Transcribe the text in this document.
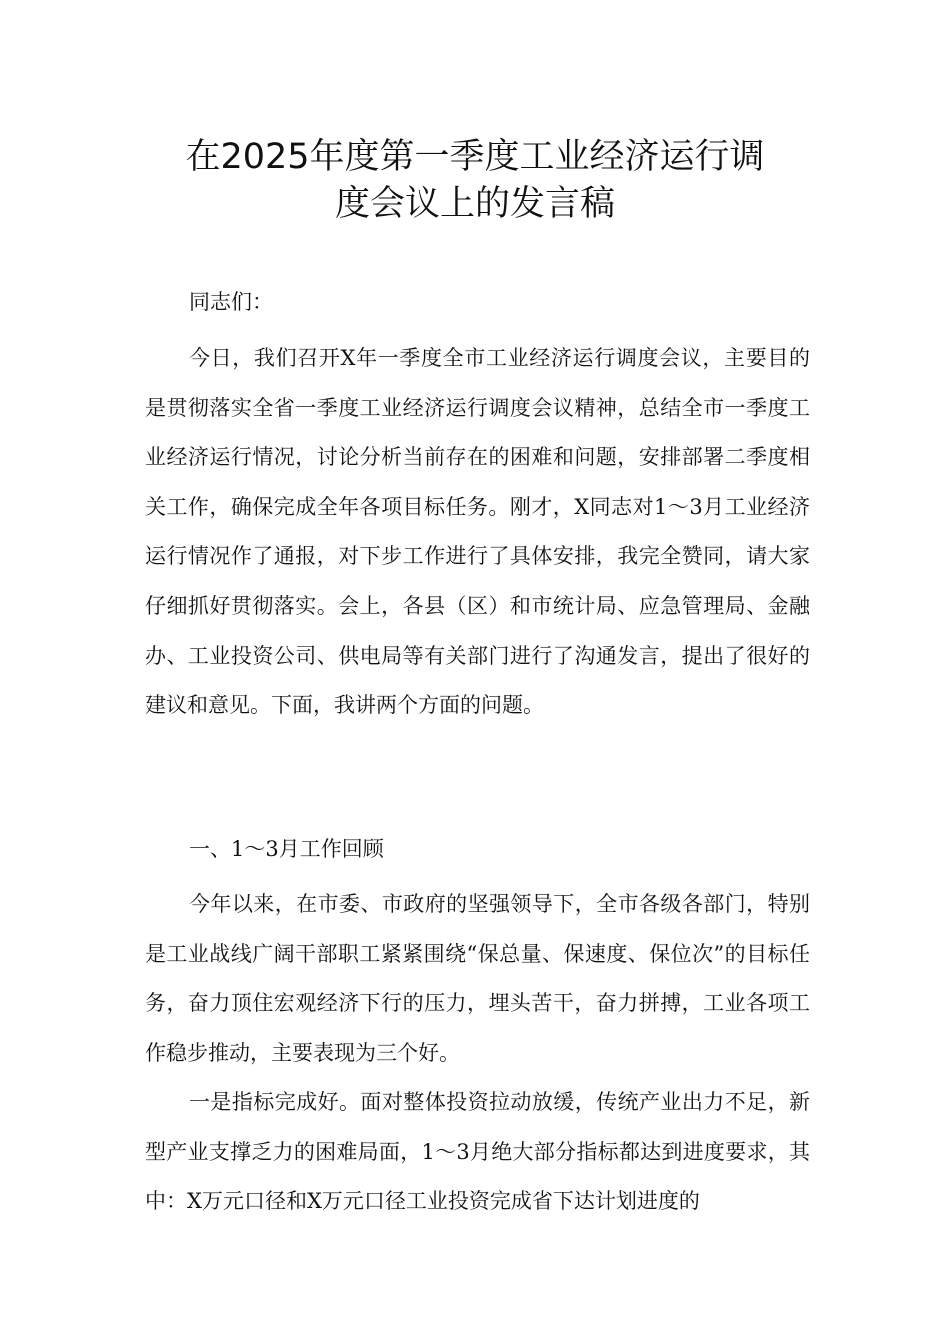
在2025年度第一季度工业经济运行调
度会议上的发言稿

同志们：

今日，我们召开X年一季度全市工业经济运行调度会议，主要目的是贯彻落实全省一季度工业经济运行调度会议精神，总结全市一季度工业经济运行情况，讨论分析当前存在的困难和问题，安排部署二季度相关工作，确保完成全年各项目标任务。刚才，X同志对1～3月工业经济运行情况作了通报，对下步工作进行了具体安排，我完全赞同，请大家仔细抓好贯彻落实。会上，各县（区）和市统计局、应急管理局、金融办、工业投资公司、供电局等有关部门进行了沟通发言，提出了很好的建议和意见。下面，我讲两个方面的问题。

一、1～3月工作回顾

今年以来，在市委、市政府的坚强领导下，全市各级各部门，特别是工业战线广阔干部职工紧紧围绕“保总量、保速度、保位次”的目标任务，奋力顶住宏观经济下行的压力，埋头苦干，奋力拼搏，工业各项工作稳步推动，主要表现为三个好。

一是指标完成好。面对整体投资拉动放缓，传统产业出力不足，新型产业支撑乏力的困难局面，1～3月绝大部分指标都达到进度要求，其中：X万元口径和X万元口径工业投资完成省下达计划进度的
